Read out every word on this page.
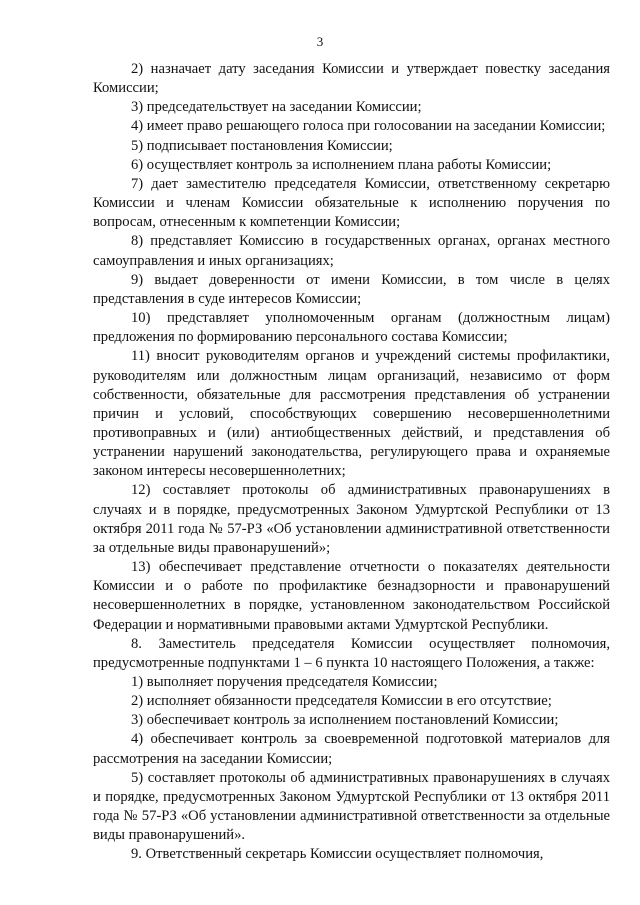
3

2) назначает дату заседания Комиссии и утверждает повестку заседания Комиссии;

3) председательствует на заседании Комиссии;

4) имеет право решающего голоса при голосовании на заседании Комиссии;

5) подписывает постановления Комиссии;

6) осуществляет контроль за исполнением плана работы Комиссии;

7) дает заместителю председателя Комиссии, ответственному секретарю Комиссии и членам Комиссии обязательные к исполнению поручения по вопросам, отнесенным к компетенции Комиссии;

8) представляет Комиссию в государственных органах, органах местного самоуправления и иных организациях;

9) выдает доверенности от имени Комиссии, в том числе в целях представления в суде интересов Комиссии;

10) представляет уполномоченным органам (должностным лицам) предложения по формированию персонального состава Комиссии;

11) вносит руководителям органов и учреждений системы профилактики, руководителям или должностным лицам организаций, независимо от форм собственности, обязательные для рассмотрения представления об устранении причин и условий, способствующих совершению несовершеннолетними противоправных и (или) антиобщественных действий, и представления об устранении нарушений законодательства, регулирующего права и охраняемые законом интересы несовершеннолетних;

12) составляет протоколы об административных правонарушениях в случаях и в порядке, предусмотренных Законом Удмуртской Республики от 13 октября 2011 года № 57-РЗ «Об установлении административной ответственности за отдельные виды правонарушений»;

13) обеспечивает представление отчетности о показателях деятельности Комиссии и о работе по профилактике безнадзорности и правонарушений несовершеннолетних в порядке, установленном законодательством Российской Федерации и нормативными правовыми актами Удмуртской Республики.

8. Заместитель председателя Комиссии осуществляет полномочия, предусмотренные подпунктами 1 – 6 пункта 10 настоящего Положения, а также:

1) выполняет поручения председателя Комиссии;

2) исполняет обязанности председателя Комиссии в его отсутствие;

3) обеспечивает контроль за исполнением постановлений Комиссии;

4) обеспечивает контроль за своевременной подготовкой материалов для рассмотрения на заседании Комиссии;

5) составляет протоколы об административных правонарушениях в случаях и порядке, предусмотренных Законом Удмуртской Республики от 13 октября 2011 года № 57-РЗ «Об установлении административной ответственности за отдельные виды правонарушений».

9. Ответственный секретарь Комиссии осуществляет полномочия,
